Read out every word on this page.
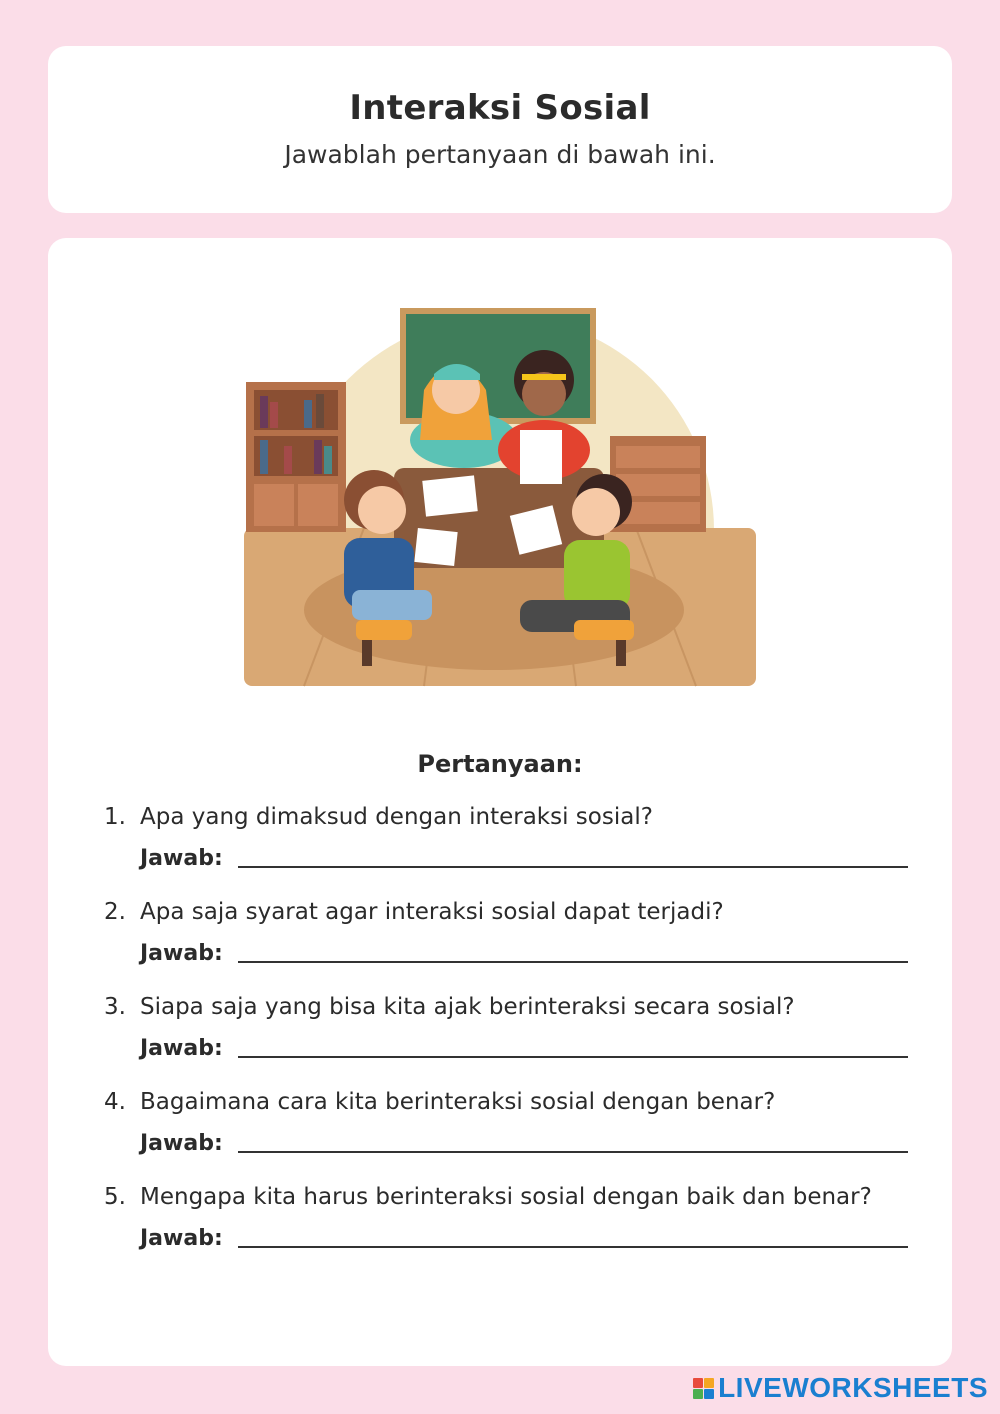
Interaksi Sosial
Jawablah pertanyaan di bawah ini.
Pertanyaan:
1. Apa yang dimaksud dengan interaksi sosial?
Jawab:
2. Apa saja syarat agar interaksi sosial dapat terjadi?
Jawab:
3. Siapa saja yang bisa kita ajak berinteraksi secara sosial?
Jawab:
4. Bagaimana cara kita berinteraksi sosial dengan benar?
Jawab:
5. Mengapa kita harus berinteraksi sosial dengan baik dan benar?
Jawab:
LIVEWORKSHEETS
